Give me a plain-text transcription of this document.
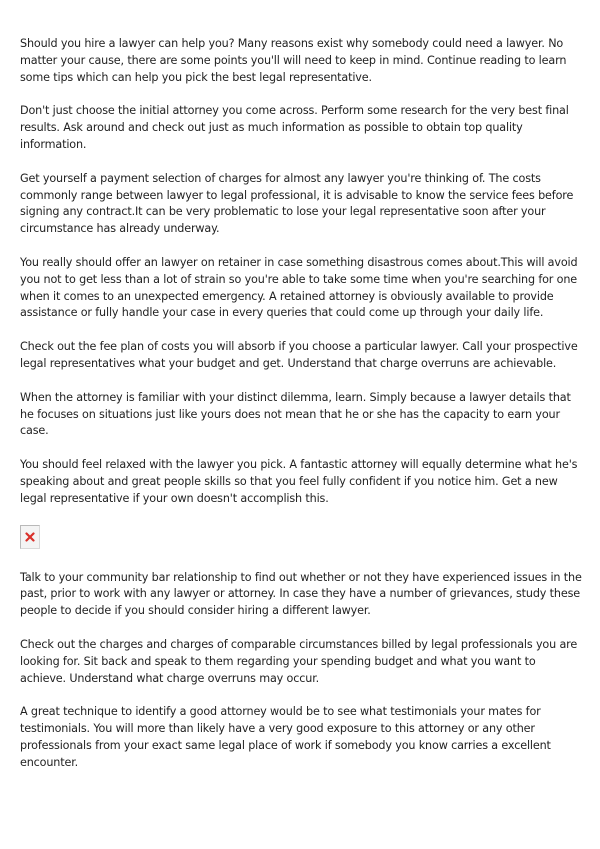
Should you hire a lawyer can help you? Many reasons exist why somebody could need a lawyer. No matter your cause, there are some points you'll will need to keep in mind. Continue reading to learn some tips which can help you pick the best legal representative.

Don't just choose the initial attorney you come across. Perform some research for the very best final results. Ask around and check out just as much information as possible to obtain top quality information.

Get yourself a payment selection of charges for almost any lawyer you're thinking of. The costs commonly range between lawyer to legal professional, it is advisable to know the service fees before signing any contract.It can be very problematic to lose your legal representative soon after your circumstance has already underway.

You really should offer an lawyer on retainer in case something disastrous comes about.This will avoid you not to get less than a lot of strain so you're able to take some time when you're searching for one when it comes to an unexpected emergency. A retained attorney is obviously available to provide assistance or fully handle your case in every queries that could come up through your daily life.

Check out the fee plan of costs you will absorb if you choose a particular lawyer. Call your prospective legal representatives what your budget and get. Understand that charge overruns are achievable.

When the attorney is familiar with your distinct dilemma, learn. Simply because a lawyer details that he focuses on situations just like yours does not mean that he or she has the capacity to earn your case.

You should feel relaxed with the lawyer you pick. A fantastic attorney will equally determine what he's speaking about and great people skills so that you feel fully confident if you notice him. Get a new legal representative if your own doesn't accomplish this.

Talk to your community bar relationship to find out whether or not they have experienced issues in the past, prior to work with any lawyer or attorney. In case they have a number of grievances, study these people to decide if you should consider hiring a different lawyer.

Check out the charges and charges of comparable circumstances billed by legal professionals you are looking for. Sit back and speak to them regarding your spending budget and what you want to achieve. Understand what charge overruns may occur.

A great technique to identify a good attorney would be to see what testimonials your mates for testimonials. You will more than likely have a very good exposure to this attorney or any other professionals from your exact same legal place of work if somebody you know carries a excellent encounter.
